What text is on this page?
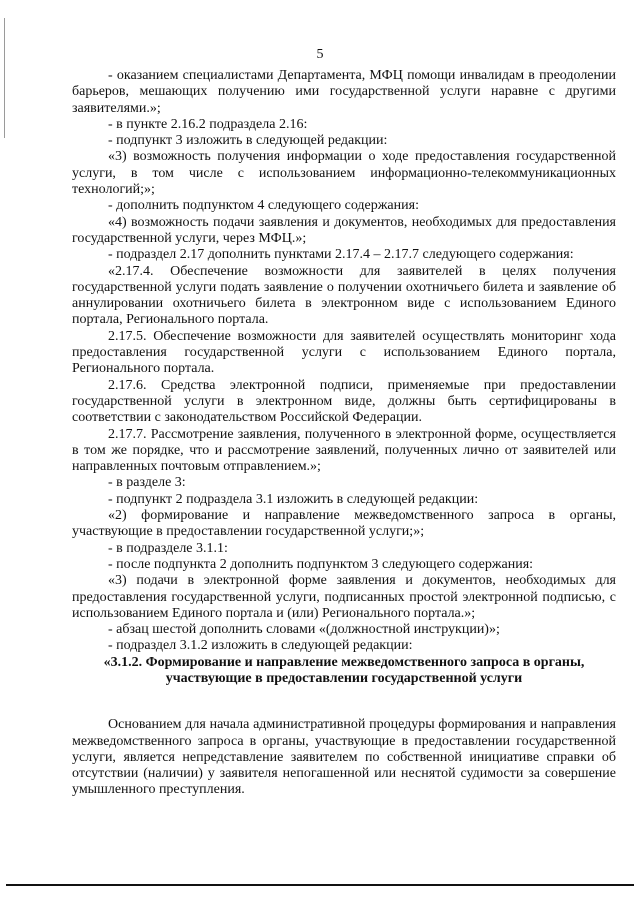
5

- оказанием специалистами Департамента, МФЦ помощи инвалидам в преодолении барьеров, мешающих получению ими государственной услуги наравне с другими заявителями.»;

- в пункте 2.16.2 подраздела 2.16:

- подпункт 3 изложить в следующей редакции:

«3) возможность получения информации о ходе предоставления государственной услуги, в том числе с использованием информационно-телекоммуникационных технологий;»;

- дополнить подпунктом 4 следующего содержания:

«4) возможность подачи заявления и документов, необходимых для предоставления государственной услуги, через МФЦ.»;

- подраздел 2.17 дополнить пунктами 2.17.4 – 2.17.7 следующего содержания:

«2.17.4. Обеспечение возможности для заявителей в целях получения государственной услуги подать заявление о получении охотничьего билета и заявление об аннулировании охотничьего билета в электронном виде с использованием Единого портала, Регионального портала.

2.17.5. Обеспечение возможности для заявителей осуществлять мониторинг хода предоставления государственной услуги с использованием Единого портала, Регионального портала.

2.17.6. Средства электронной подписи, применяемые при предоставлении государственной услуги в электронном виде, должны быть сертифицированы в соответствии с законодательством Российской Федерации.

2.17.7. Рассмотрение заявления, полученного в электронной форме, осуществляется в том же порядке, что и рассмотрение заявлений, полученных лично от заявителей или направленных почтовым отправлением.»;

- в разделе 3:

- подпункт 2 подраздела 3.1 изложить в следующей редакции:

«2) формирование и направление межведомственного запроса в органы, участвующие в предоставлении государственной услуги;»;

- в подразделе 3.1.1:

- после подпункта 2 дополнить подпунктом 3 следующего содержания:

«3) подачи в электронной форме заявления и документов, необходимых для предоставления государственной услуги, подписанных простой электронной подписью, с использованием Единого портала и (или) Регионального портала.»;

- абзац шестой дополнить словами «(должностной инструкции)»;

- подраздел 3.1.2 изложить в следующей редакции:

«3.1.2. Формирование и направление межведомственного запроса в органы, участвующие в предоставлении государственной услуги

Основанием для начала административной процедуры формирования и направления межведомственного запроса в органы, участвующие в предоставлении государственной услуги, является непредставление заявителем по собственной инициативе справки об отсутствии (наличии) у заявителя непогашенной или неснятой судимости за совершение умышленного преступления.
